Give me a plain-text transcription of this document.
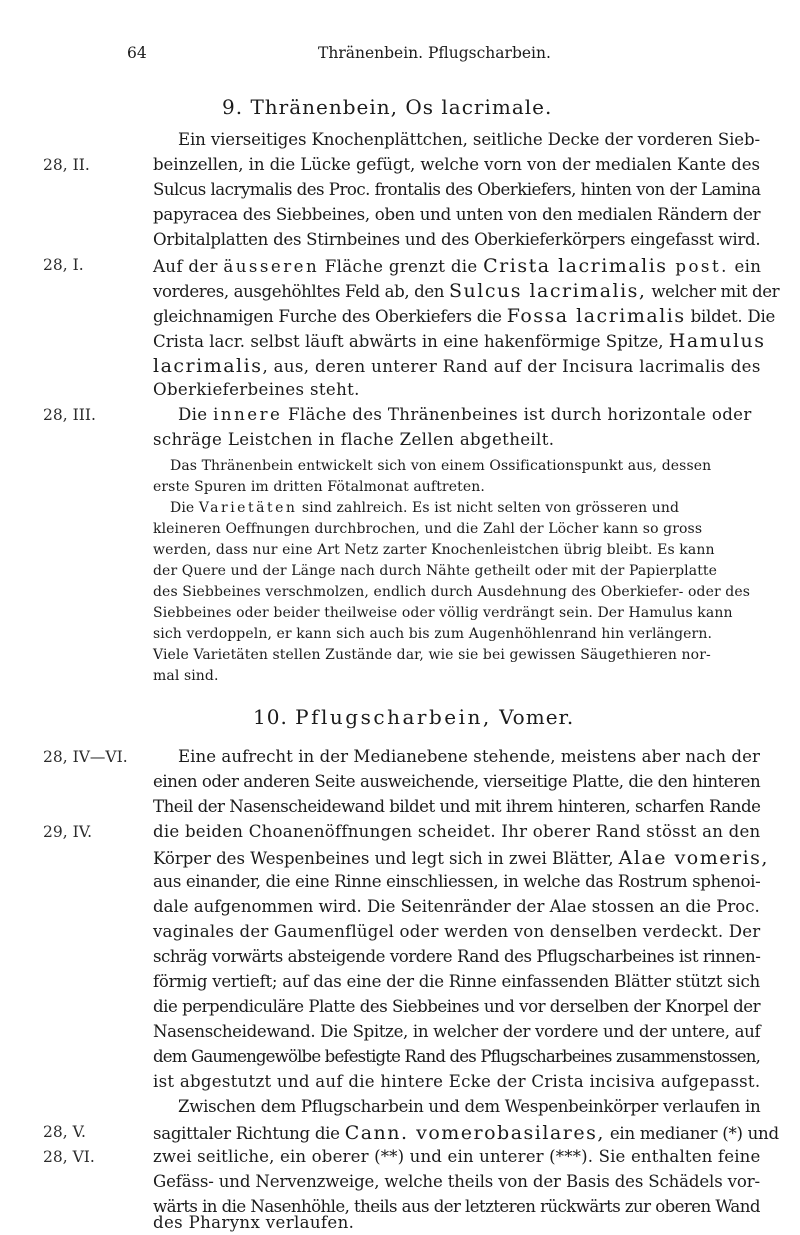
64	Thränenbein. Pflugscharbein.
9. Thränenbein, Os lacrimale.
Ein vierseitiges Knochenplättchen, seitliche Decke der vorderen Sieb-
beinzellen, in die Lücke gefügt, welche vorn von der medialen Kante des
Sulcus lacrymalis des Proc. frontalis des Oberkiefers, hinten von der Lamina
papyracea des Siebbeines, oben und unten von den medialen Rändern der
Orbitalplatten des Stirnbeines und des Oberkieferkörpers eingefasst wird.
28, II.
Auf der äusseren Fläche grenzt die Crista lacrimalis post. ein
vorderes, ausgehöhltes Feld ab, den Sulcus lacrimalis, welcher mit der
gleichnamigen Furche des Oberkiefers die Fossa lacrimalis bildet. Die
Crista lacr. selbst läuft abwärts in eine hakenförmige Spitze, Hamulus
lacrimalis, aus, deren unterer Rand auf der Incisura lacrimalis des
Oberkieferbeines steht.
28, I.
Die innere Fläche des Thränenbeines ist durch horizontale oder
schräge Leistchen in flache Zellen abgetheilt.
28, III.
Das Thränenbein entwickelt sich von einem Ossificationspunkt aus, dessen
erste Spuren im dritten Fötalmonat auftreten.
Die Varietäten sind zahlreich. Es ist nicht selten von grösseren und
kleineren Oeffnungen durchbrochen, und die Zahl der Löcher kann so gross
werden, dass nur eine Art Netz zarter Knochenleistchen übrig bleibt. Es kann
der Quere und der Länge nach durch Nähte getheilt oder mit der Papierplatte
des Siebbeines verschmolzen, endlich durch Ausdehnung des Oberkiefer- oder des
Siebbeines oder beider theilweise oder völlig verdrängt sein. Der Hamulus kann
sich verdoppeln, er kann sich auch bis zum Augenhöhlenrand hin verlängern.
Viele Varietäten stellen Zustände dar, wie sie bei gewissen Säugethieren nor-
mal sind.
10. Pflugscharbein, Vomer.
Eine aufrecht in der Medianebene stehende, meistens aber nach der
einen oder anderen Seite ausweichende, vierseitige Platte, die den hinteren
Theil der Nasenscheidewand bildet und mit ihrem hinteren, scharfen Rande
die beiden Choanenöffnungen scheidet. Ihr oberer Rand stösst an den
Körper des Wespenbeines und legt sich in zwei Blätter, Alae vomeris,
aus einander, die eine Rinne einschliessen, in welche das Rostrum sphenoi-
dale aufgenommen wird. Die Seitenränder der Alae stossen an die Proc.
vaginales der Gaumenflügel oder werden von denselben verdeckt. Der
schräg vorwärts absteigende vordere Rand des Pflugscharbeines ist rinnen-
förmig vertieft; auf das eine der die Rinne einfassenden Blätter stützt sich
die perpendiculäre Platte des Siebbeines und vor derselben der Knorpel der
Nasenscheidewand. Die Spitze, in welcher der vordere und der untere, auf
dem Gaumengewölbe befestigte Rand des Pflugscharbeines zusammenstossen,
ist abgestutzt und auf die hintere Ecke der Crista incisiva aufgepasst.
28, IV—VI.
29, IV.
Zwischen dem Pflugscharbein und dem Wespenbeinkörper verlaufen in
sagittaler Richtung die Cann. vomerobasilares, ein medianer (*) und
zwei seitliche, ein oberer (**) und ein unterer (***). Sie enthalten feine
Gefäss- und Nervenzweige, welche theils von der Basis des Schädels vor-
wärts in die Nasenhöhle, theils aus der letzteren rückwärts zur oberen Wand
des Pharynx verlaufen.
28, V.
28, VI.
